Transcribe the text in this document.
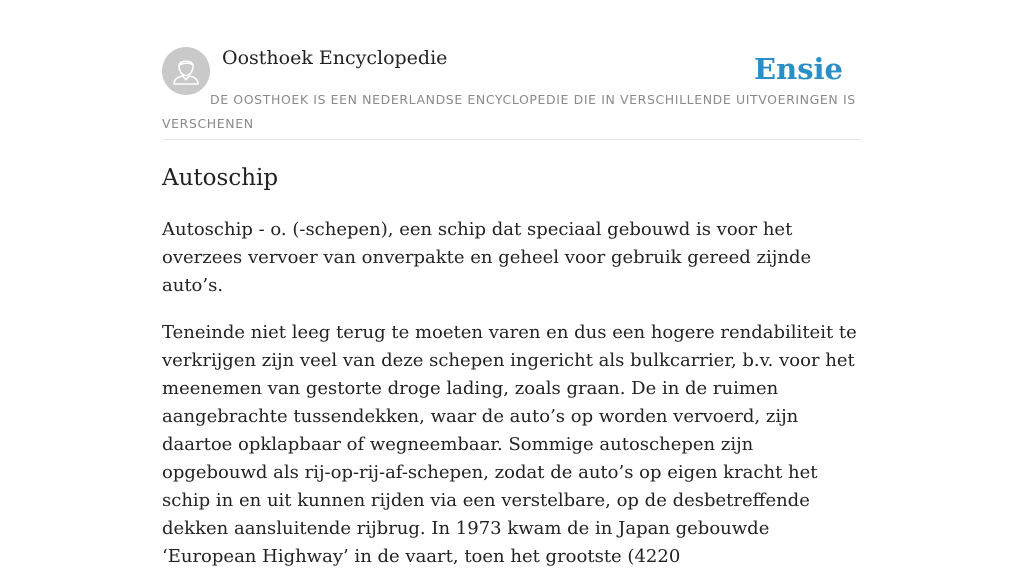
Oosthoek Encyclopedie	Ensie

DE OOSTHOEK IS EEN NEDERLANDSE ENCYCLOPEDIE DIE IN VERSCHILLENDE UITVOERINGEN IS VERSCHENEN

Autoschip

Autoschip - o. (-schepen), een schip dat speciaal gebouwd is voor het overzees vervoer van onverpakte en geheel voor gebruik gereed zijnde auto’s.

Teneinde niet leeg terug te moeten varen en dus een hogere rendabiliteit te verkrijgen zijn veel van deze schepen ingericht als bulkcarrier, b.v. voor het meenemen van gestorte droge lading, zoals graan. De in de ruimen aangebrachte tussendekken, waar de auto’s op worden vervoerd, zijn daartoe opklapbaar of wegneembaar. Sommige autoschepen zijn opgebouwd als rij-op-rij-af-schepen, zodat de auto’s op eigen kracht het schip in en uit kunnen rijden via een verstelbare, op de desbetreffende dekken aansluitende rijbrug. In 1973 kwam de in Japan gebouwde ‘European Highway’ in de vaart, toen het grootste (4220
